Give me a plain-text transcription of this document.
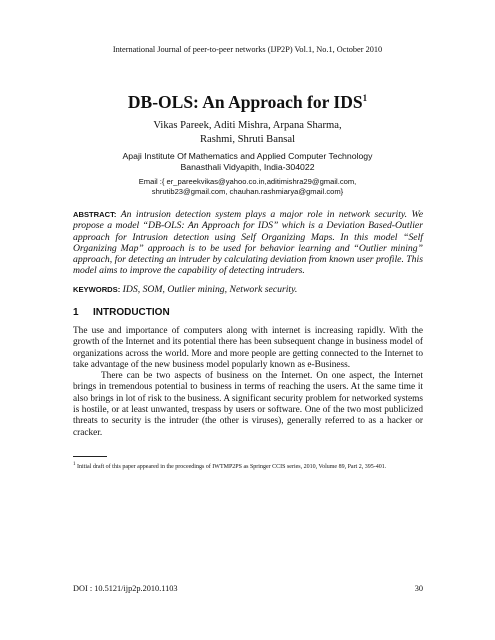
International Journal of peer-to-peer networks (IJP2P) Vol.1, No.1, October 2010
DB-OLS: An Approach for IDS$^1$
Vikas Pareek, Aditi Mishra, Arpana Sharma,
Rashmi, Shruti Bansal
Apaji Institute Of Mathematics and Applied Computer Technology
Banasthali Vidyapith, India-304022
Email :{ er_pareekvikas@yahoo.co.in,aditimishra29@gmail.com,
shrutib23@gmail.com, chauhan.rashmiarya@gmail.com}
ABSTRACT: An intrusion detection system plays a major role in network security. We propose a model “DB-OLS: An Approach for IDS” which is a Deviation Based-Outlier approach for Intrusion detection using Self Organizing Maps. In this model “Self Organizing Map” approach is to be used for behavior learning and “Outlier mining” approach, for detecting an intruder by calculating deviation from known user profile. This model aims to improve the capability of detecting intruders.
KEYWORDS: IDS, SOM, Outlier mining, Network security.
1 INTRODUCTION

The use and importance of computers along with internet is increasing rapidly. With the growth of the Internet and its potential there has been subsequent change in business model of organizations across the world. More and more people are getting connected to the Internet to take advantage of the new business model popularly known as e-Business.

There can be two aspects of business on the Internet. On one aspect, the Internet brings in tremendous potential to business in terms of reaching the users. At the same time it also brings in lot of risk to the business. A significant security problem for networked systems is hostile, or at least unwanted, trespass by users or software. One of the two most publicized threats to security is the intruder (the other is viruses), generally referred to as a hacker or cracker.

$^1$ Initial draft of this paper appeared in the proceedings of IWTMP2PS as Springer CCIS series, 2010, Volume 89, Part 2, 395-401.
DOI : 10.5121/ijp2p.2010.1103	30
